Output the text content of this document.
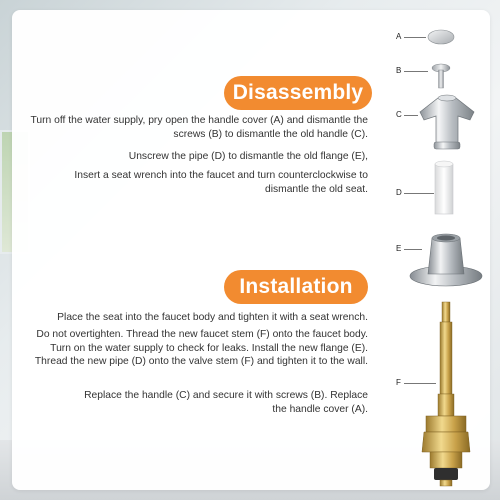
Disassembly
Turn off the water supply, pry open the handle cover (A) and dismantle the screws (B) to dismantle the old handle (C).
Unscrew the pipe (D) to dismantle the old flange (E),
Insert a seat wrench into the faucet and turn counterclockwise to dismantle the old seat.
Installation
Place the seat into the faucet body and tighten it with a seat wrench.
Do not overtighten. Thread the new faucet stem (F) onto the faucet body. Turn on the water supply to check for leaks. Install the new flange (E). Thread the new pipe (D) onto the valve stem (F) and tighten it to the wall.
Replace the handle (C) and secure it with screws (B). Replace the handle cover (A).
A
B
C
D
E
F
